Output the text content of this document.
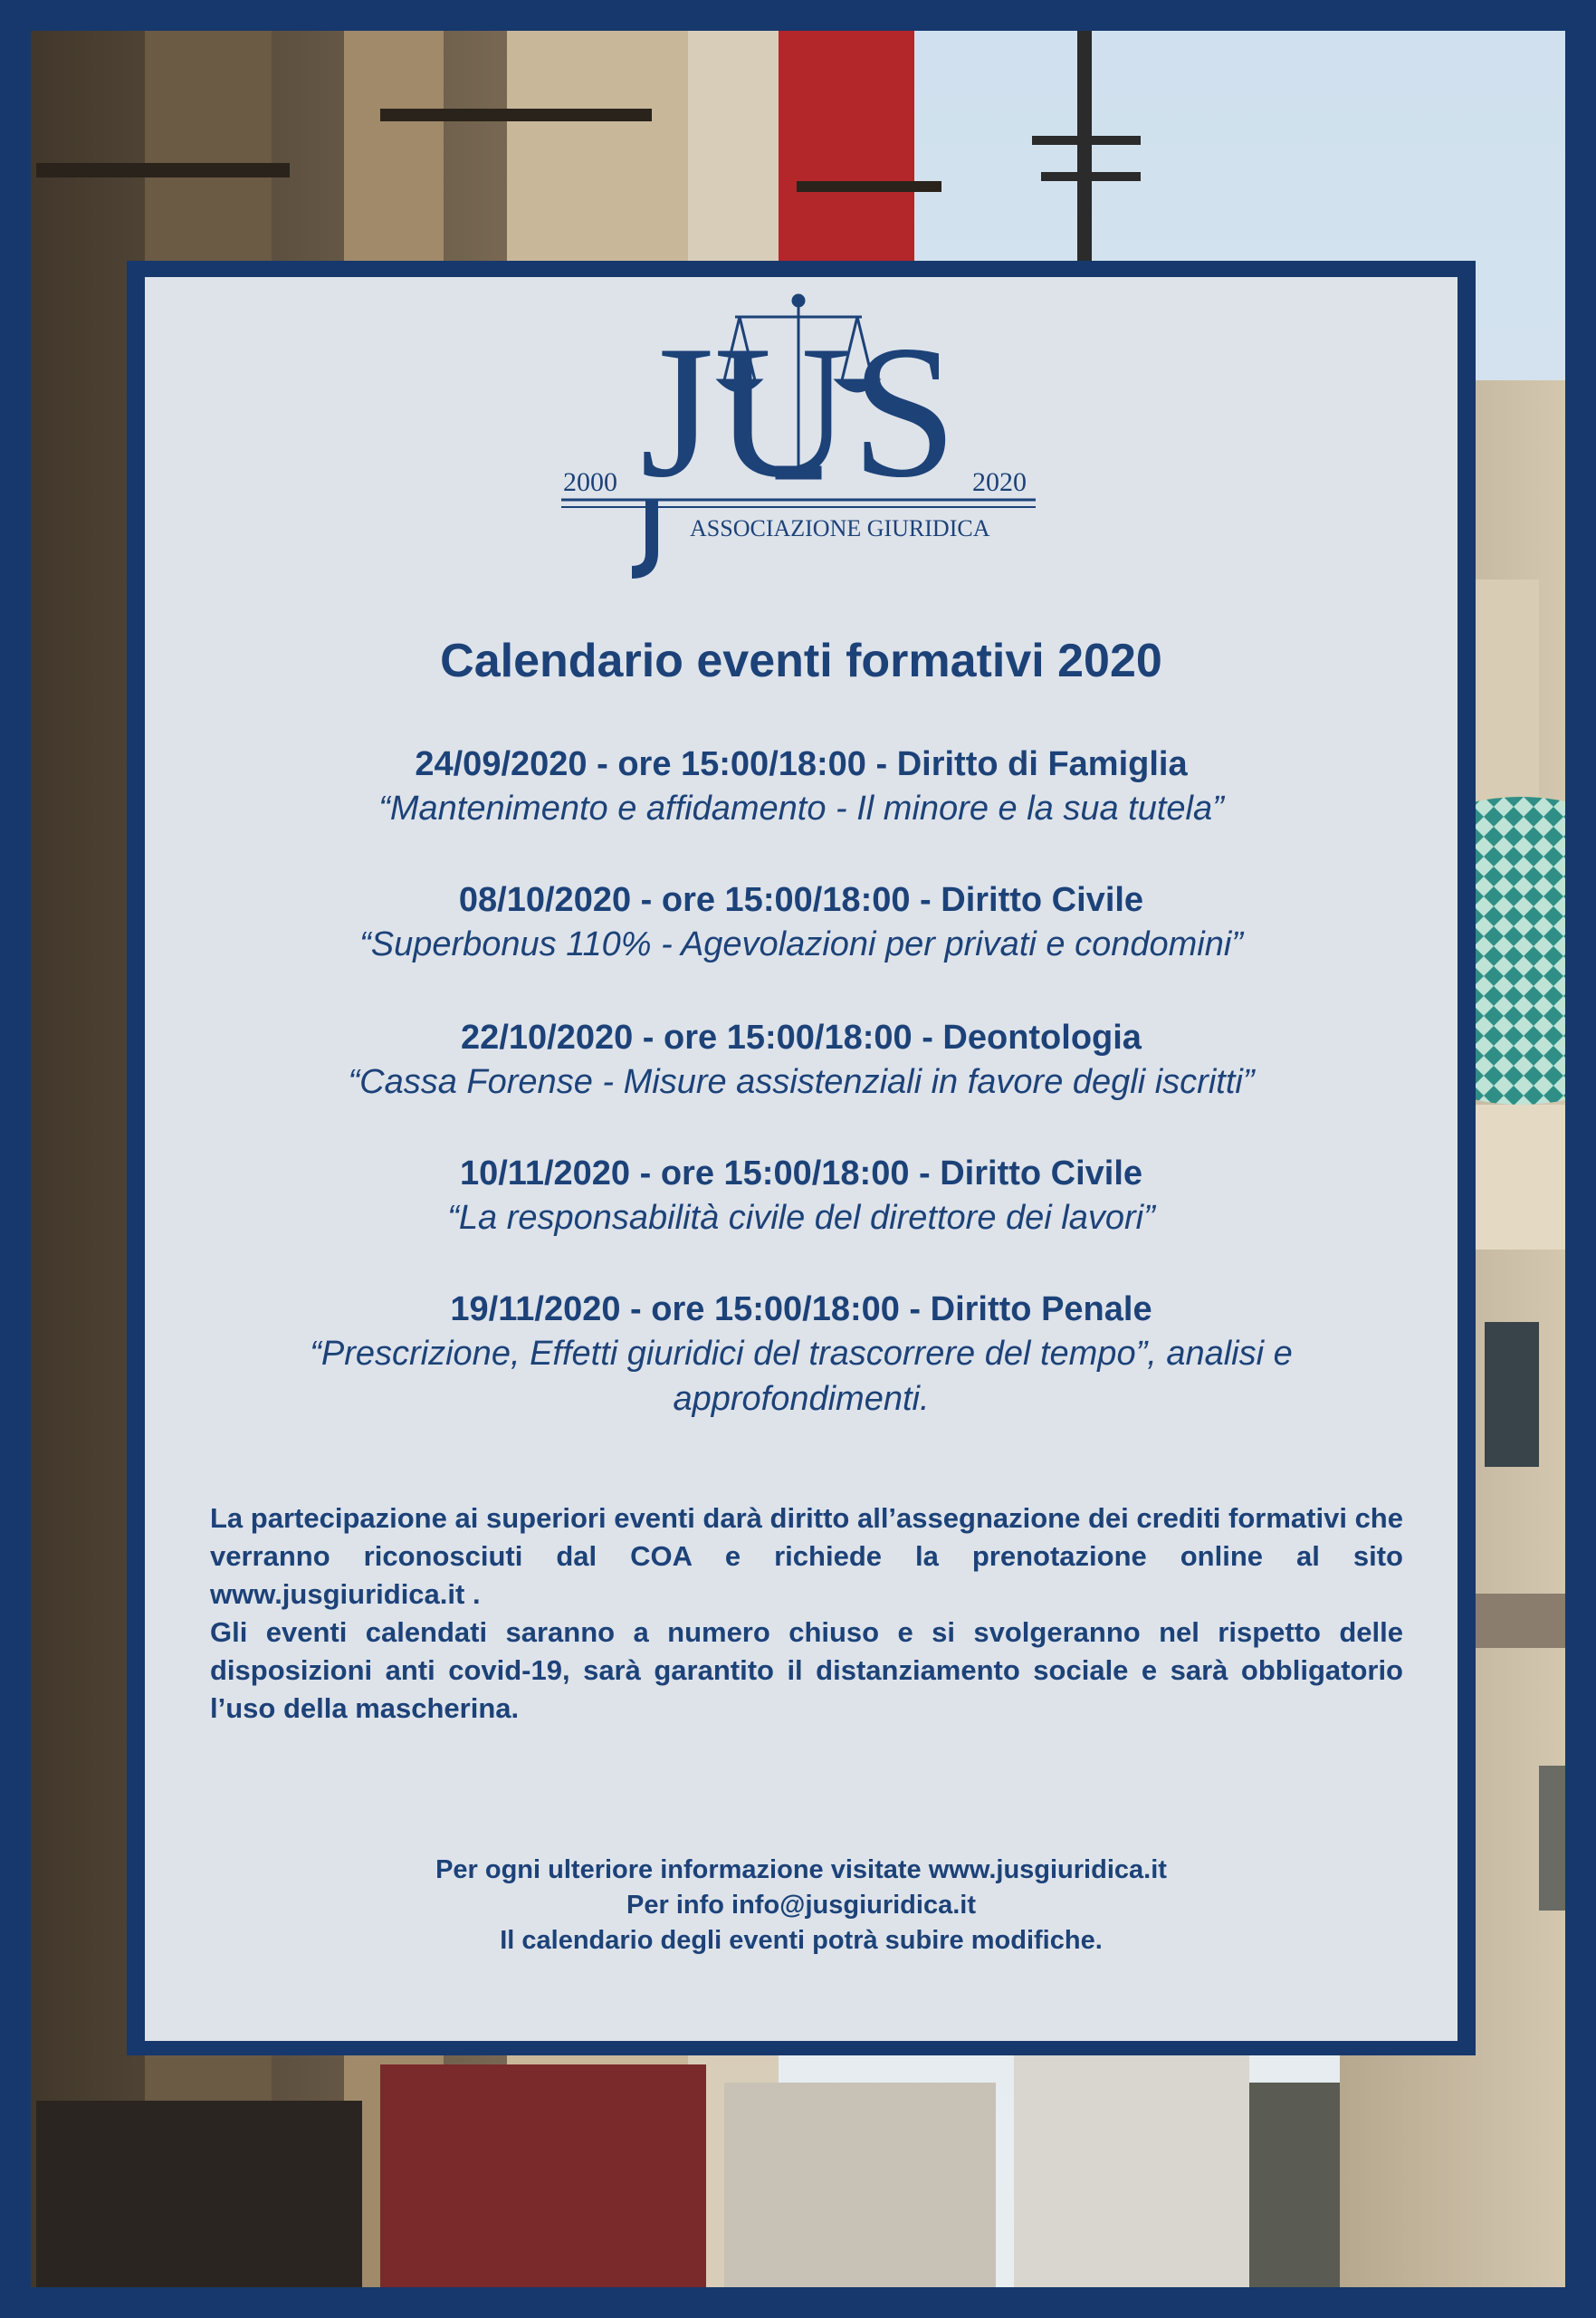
JUS
2000	2020
ASSOCIAZIONE GIURIDICA
Calendario eventi formativi 2020
24/09/2020 - ore 15:00/18:00 - Diritto di Famiglia
“Mantenimento e affidamento - Il minore e la sua tutela”
08/10/2020 - ore 15:00/18:00 - Diritto Civile
“Superbonus 110% - Agevolazioni per privati e condomini”
22/10/2020 - ore 15:00/18:00 - Deontologia
“Cassa Forense - Misure assistenziali in favore degli iscritti”
10/11/2020 - ore 15:00/18:00 - Diritto Civile
“La responsabilità civile del direttore dei lavori”
19/11/2020 - ore 15:00/18:00 - Diritto Penale
“Prescrizione, Effetti giuridici del trascorrere del tempo”, analisi e
approfondimenti.

La partecipazione ai superiori eventi darà diritto all’assegnazione dei crediti formativi che verranno riconosciuti dal COA e richiede la prenotazione online al sito www.jusgiuridica.it .

Gli eventi calendati saranno a numero chiuso e si svolgeranno nel rispetto delle disposizioni anti covid-19, sarà garantito il distanziamento sociale e sarà obbligatorio l’uso della mascherina.

Per ogni ulteriore informazione visitate www.jusgiuridica.it
Per info info@jusgiuridica.it
Il calendario degli eventi potrà subire modifiche.
